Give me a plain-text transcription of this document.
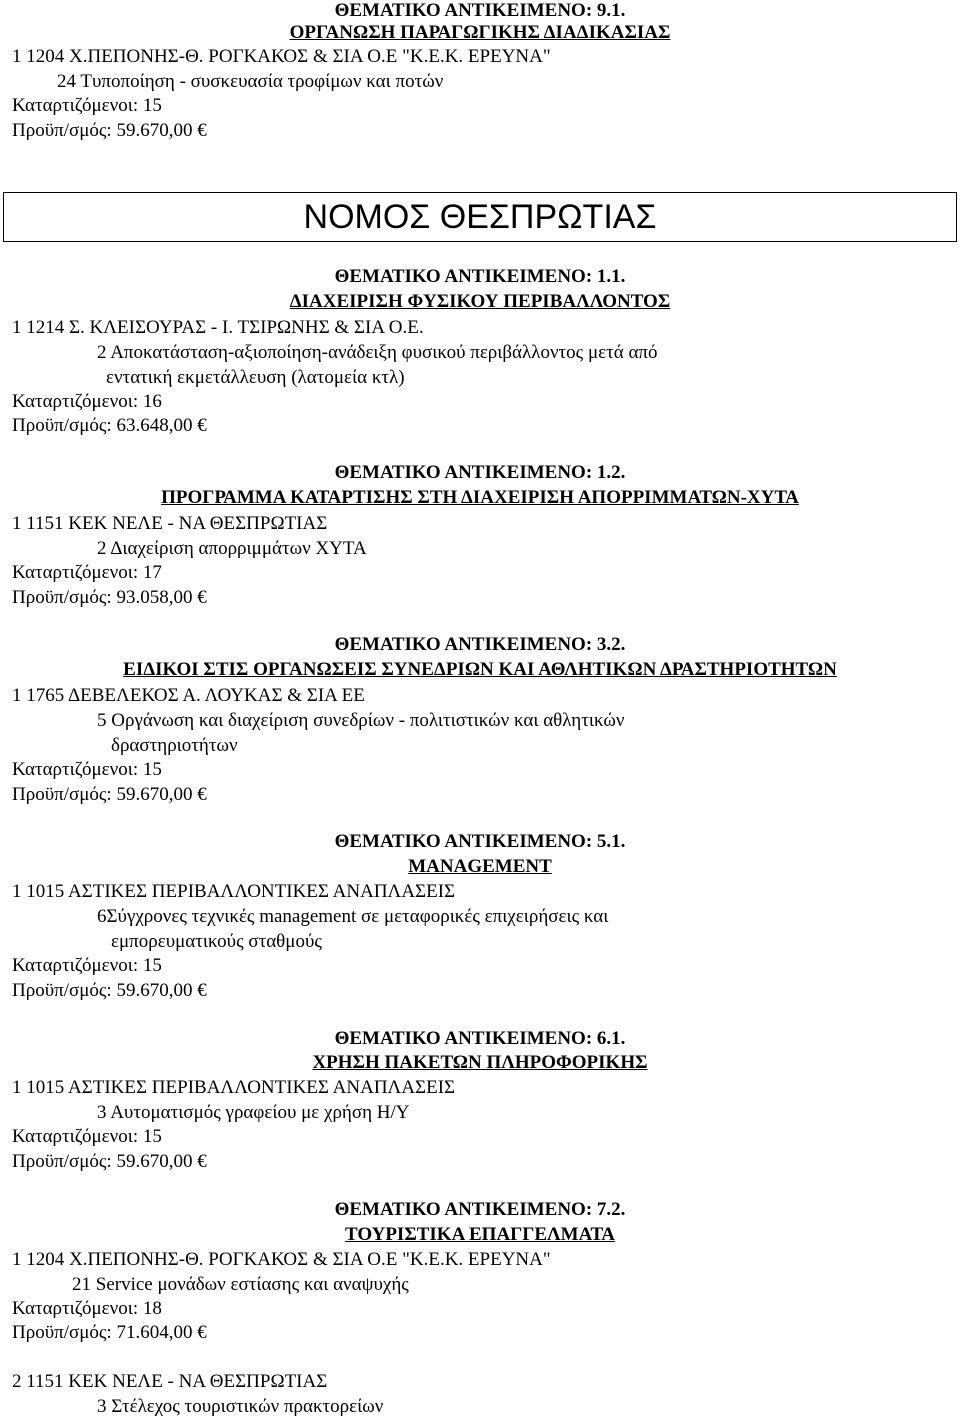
ΘΕΜΑΤΙΚΟ ΑΝΤΙΚΕΙΜΕΝΟ: 9.1.
ΟΡΓΑΝΩΣΗ ΠΑΡΑΓΩΓΙΚΗΣ ΔΙΑΔΙΚΑΣΙΑΣ
1 1204 Χ.ΠΕΠΟΝΗΣ-Θ. ΡΟΓΚΑΚΟΣ & ΣΙΑ Ο.Ε "Κ.Ε.Κ. ΕΡΕΥΝΑ"
24 Τυποποίηση - συσκευασία τροφίμων και ποτών
Καταρτιζόμενοι: 15
Προϋπ/σμός: 59.670,00 €
ΝΟΜΟΣ ΘΕΣΠΡΩΤΙΑΣ
ΘΕΜΑΤΙΚΟ ΑΝΤΙΚΕΙΜΕΝΟ: 1.1.
ΔΙΑΧΕΙΡΙΣΗ ΦΥΣΙΚΟΥ ΠΕΡΙΒΑΛΛΟΝΤΟΣ
1 1214 Σ. ΚΛΕΙΣΟΥΡΑΣ - Ι. ΤΣΙΡΩΝΗΣ & ΣΙΑ Ο.Ε.
2 Αποκατάσταση-αξιοποίηση-ανάδειξη φυσικού περιβάλλοντος μετά από
εντατική εκμετάλλευση (λατομεία κτλ)
Καταρτιζόμενοι: 16
Προϋπ/σμός: 63.648,00 €
ΘΕΜΑΤΙΚΟ ΑΝΤΙΚΕΙΜΕΝΟ: 1.2.
ΠΡΟΓΡΑΜΜΑ ΚΑΤΑΡΤΙΣΗΣ ΣΤΗ ΔΙΑΧΕΙΡΙΣΗ ΑΠΟΡΡΙΜΜΑΤΩΝ-ΧΥΤΑ
1 1151 ΚΕΚ ΝΕΛΕ - ΝΑ ΘΕΣΠΡΩΤΙΑΣ
2 Διαχείριση απορριμμάτων ΧΥΤΑ
Καταρτιζόμενοι: 17
Προϋπ/σμός: 93.058,00 €
ΘΕΜΑΤΙΚΟ ΑΝΤΙΚΕΙΜΕΝΟ: 3.2.
ΕΙΔΙΚΟΙ ΣΤΙΣ ΟΡΓΑΝΩΣΕΙΣ ΣΥΝΕΔΡΙΩΝ ΚΑΙ ΑΘΛΗΤΙΚΩΝ ΔΡΑΣΤΗΡΙΟΤΗΤΩΝ
1 1765 ΔΕΒΕΛΕΚΟΣ Α. ΛΟΥΚΑΣ & ΣΙΑ ΕΕ
5 Οργάνωση και διαχείριση συνεδρίων - πολιτιστικών και αθλητικών
δραστηριοτήτων
Καταρτιζόμενοι: 15
Προϋπ/σμός: 59.670,00 €
ΘΕΜΑΤΙΚΟ ΑΝΤΙΚΕΙΜΕΝΟ: 5.1.
MANAGEMENT
1 1015 ΑΣΤΙΚΕΣ ΠΕΡΙΒΑΛΛΟΝΤΙΚΕΣ ΑΝΑΠΛΑΣΕΙΣ
6Σύγχρονες τεχνικές management σε μεταφορικές επιχειρήσεις και
εμπορευματικούς σταθμούς
Καταρτιζόμενοι: 15
Προϋπ/σμός: 59.670,00 €
ΘΕΜΑΤΙΚΟ ΑΝΤΙΚΕΙΜΕΝΟ: 6.1.
ΧΡΗΣΗ ΠΑΚΕΤΩΝ ΠΛΗΡΟΦΟΡΙΚΗΣ
1 1015 ΑΣΤΙΚΕΣ ΠΕΡΙΒΑΛΛΟΝΤΙΚΕΣ ΑΝΑΠΛΑΣΕΙΣ
3 Αυτοματισμός γραφείου με χρήση Η/Υ
Καταρτιζόμενοι: 15
Προϋπ/σμός: 59.670,00 €
ΘΕΜΑΤΙΚΟ ΑΝΤΙΚΕΙΜΕΝΟ: 7.2.
ΤΟΥΡΙΣΤΙΚΑ ΕΠΑΓΓΕΛΜΑΤΑ
1 1204 Χ.ΠΕΠΟΝΗΣ-Θ. ΡΟΓΚΑΚΟΣ & ΣΙΑ Ο.Ε "Κ.Ε.Κ. ΕΡΕΥΝΑ"
21 Service μονάδων εστίασης και αναψυχής
Καταρτιζόμενοι: 18
Προϋπ/σμός: 71.604,00 €
2 1151 ΚΕΚ ΝΕΛΕ - ΝΑ ΘΕΣΠΡΩΤΙΑΣ
3 Στέλεχος τουριστικών πρακτορείων
